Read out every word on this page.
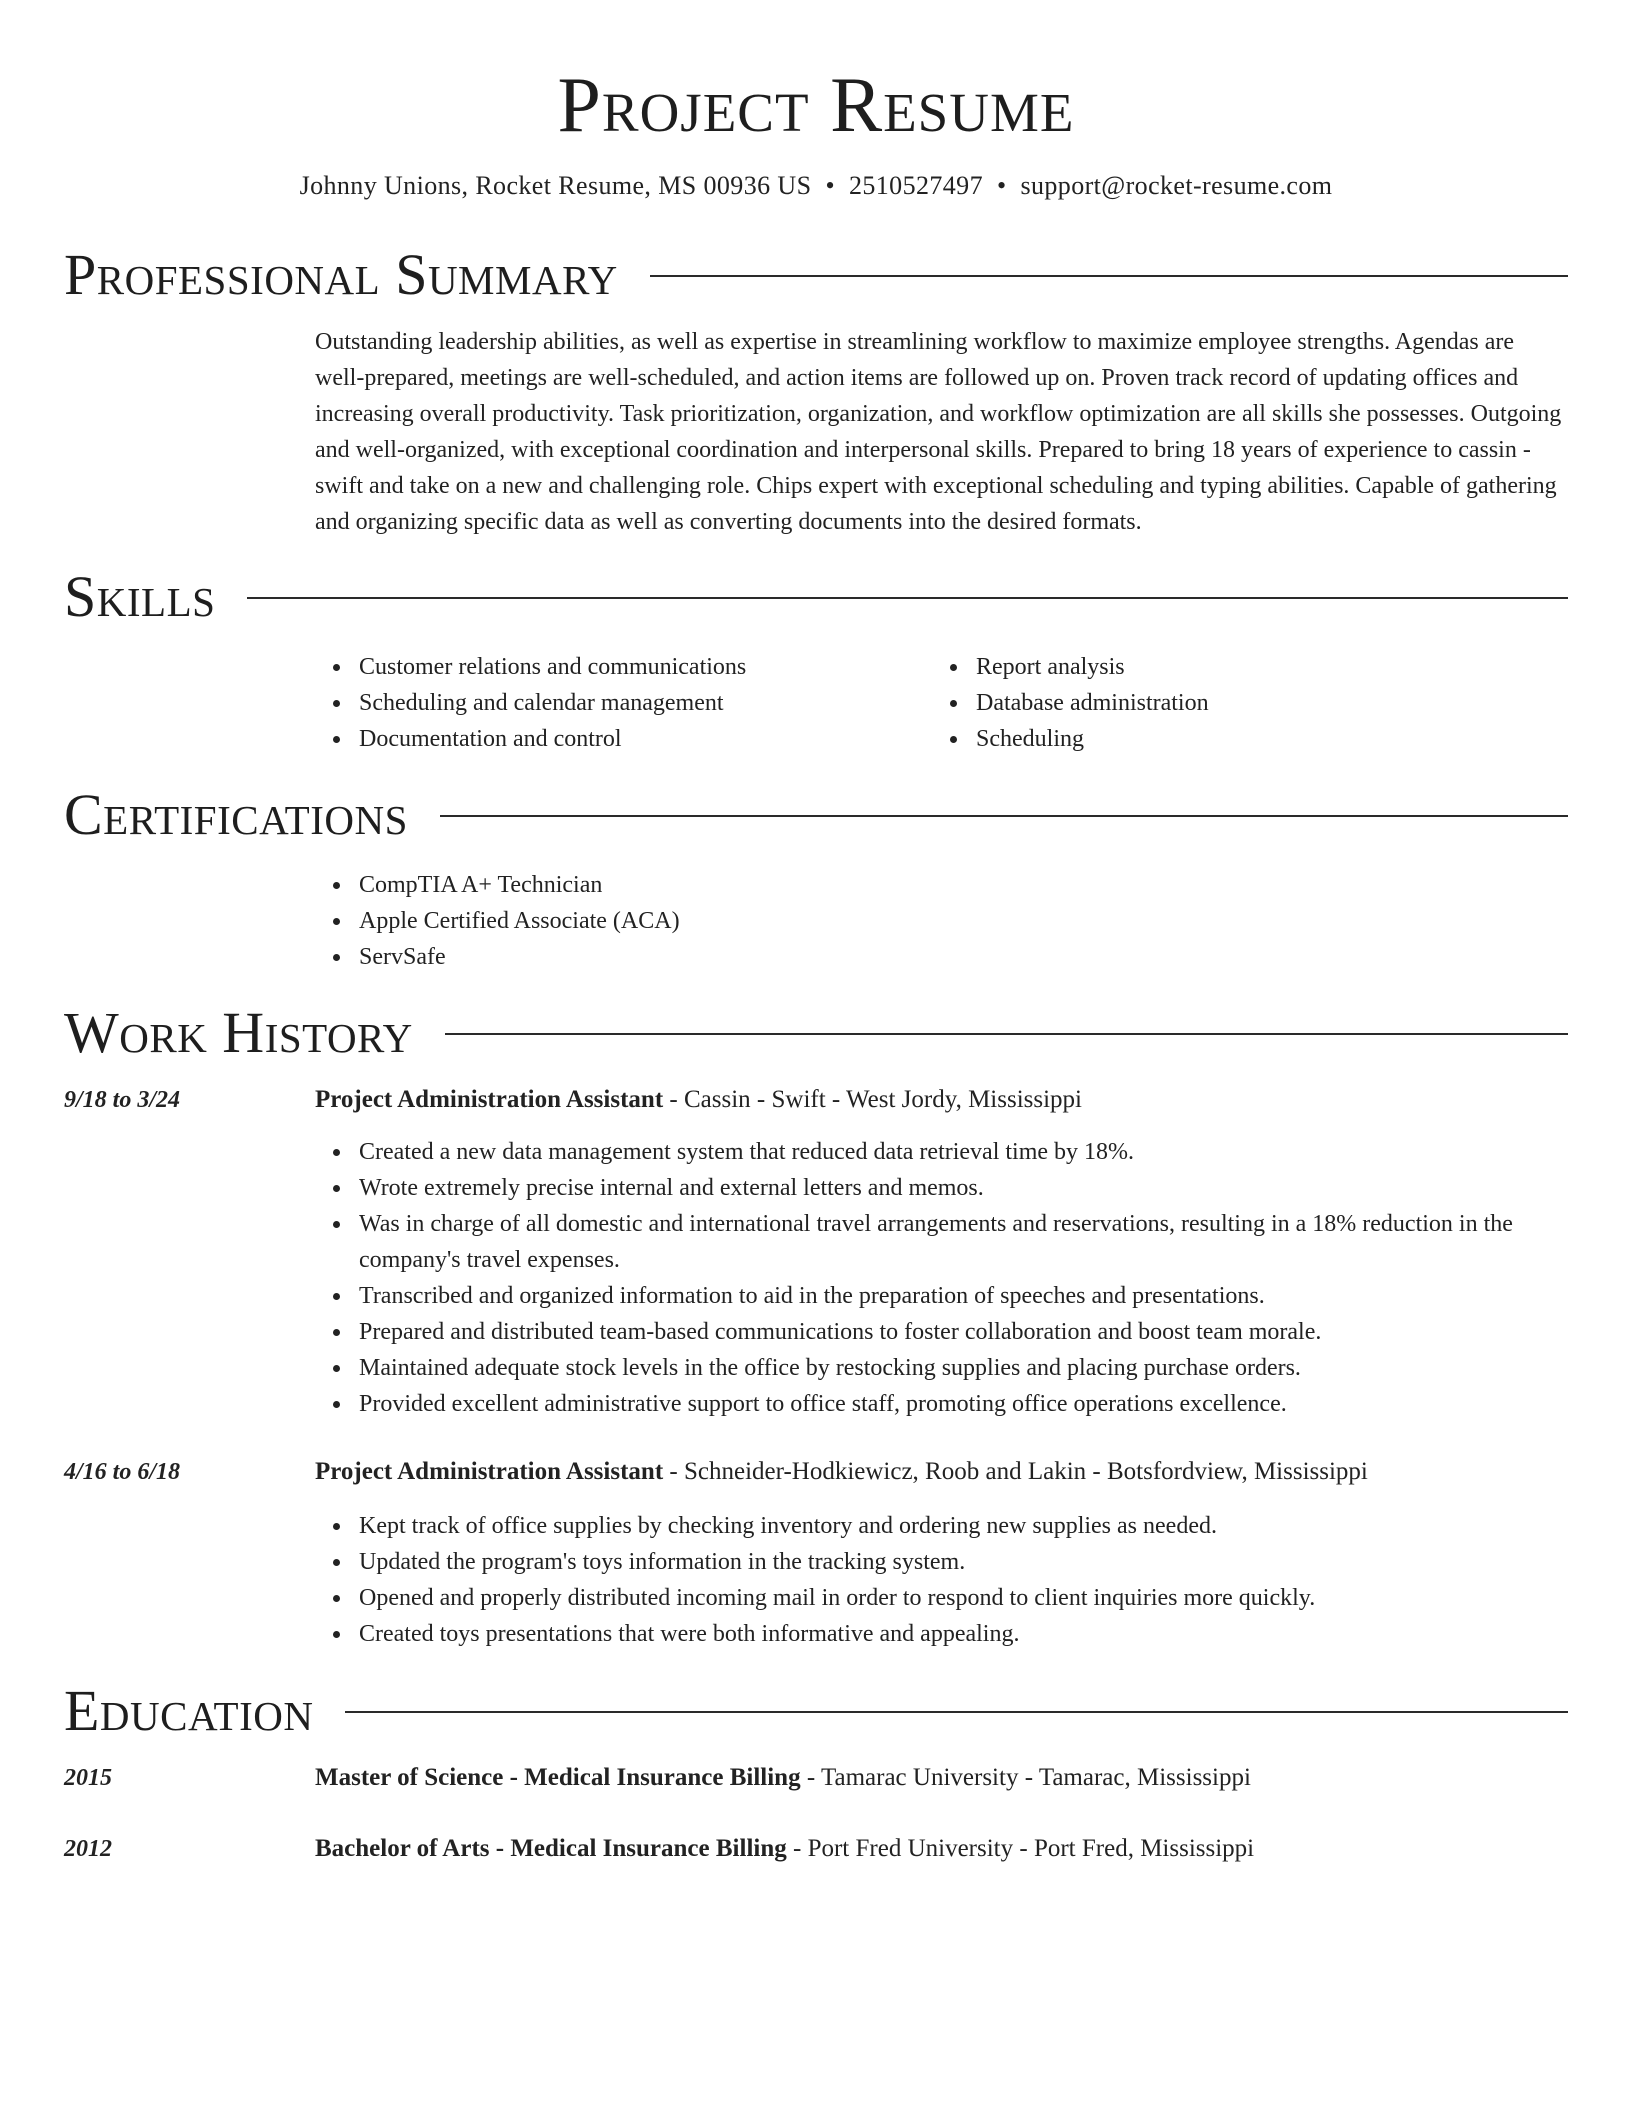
Project Resume
Johnny Unions, Rocket Resume, MS 00936 US • 2510527497 • support@rocket-resume.com
Professional Summary
Outstanding leadership abilities, as well as expertise in streamlining workflow to maximize employee strengths. Agendas are well-prepared, meetings are well-scheduled, and action items are followed up on. Proven track record of updating offices and increasing overall productivity. Task prioritization, organization, and workflow optimization are all skills she possesses. Outgoing and well-organized, with exceptional coordination and interpersonal skills. Prepared to bring 18 years of experience to cassin - swift and take on a new and challenging role. Chips expert with exceptional scheduling and typing abilities. Capable of gathering and organizing specific data as well as converting documents into the desired formats.
Skills
Customer relations and communications
Scheduling and calendar management
Documentation and control
Report analysis
Database administration
Scheduling
Certifications
CompTIA A+ Technician
Apple Certified Associate (ACA)
ServSafe
Work History
9/18 to 3/24	Project Administration Assistant - Cassin - Swift - West Jordy, Mississippi
Created a new data management system that reduced data retrieval time by 18%.
Wrote extremely precise internal and external letters and memos.
Was in charge of all domestic and international travel arrangements and reservations, resulting in a 18% reduction in the company's travel expenses.
Transcribed and organized information to aid in the preparation of speeches and presentations.
Prepared and distributed team-based communications to foster collaboration and boost team morale.
Maintained adequate stock levels in the office by restocking supplies and placing purchase orders.
Provided excellent administrative support to office staff, promoting office operations excellence.
4/16 to 6/18	Project Administration Assistant - Schneider-Hodkiewicz, Roob and Lakin - Botsfordview, Mississippi
Kept track of office supplies by checking inventory and ordering new supplies as needed.
Updated the program's toys information in the tracking system.
Opened and properly distributed incoming mail in order to respond to client inquiries more quickly.
Created toys presentations that were both informative and appealing.
Education
2015	Master of Science - Medical Insurance Billing - Tamarac University - Tamarac, Mississippi
2012	Bachelor of Arts - Medical Insurance Billing - Port Fred University - Port Fred, Mississippi
